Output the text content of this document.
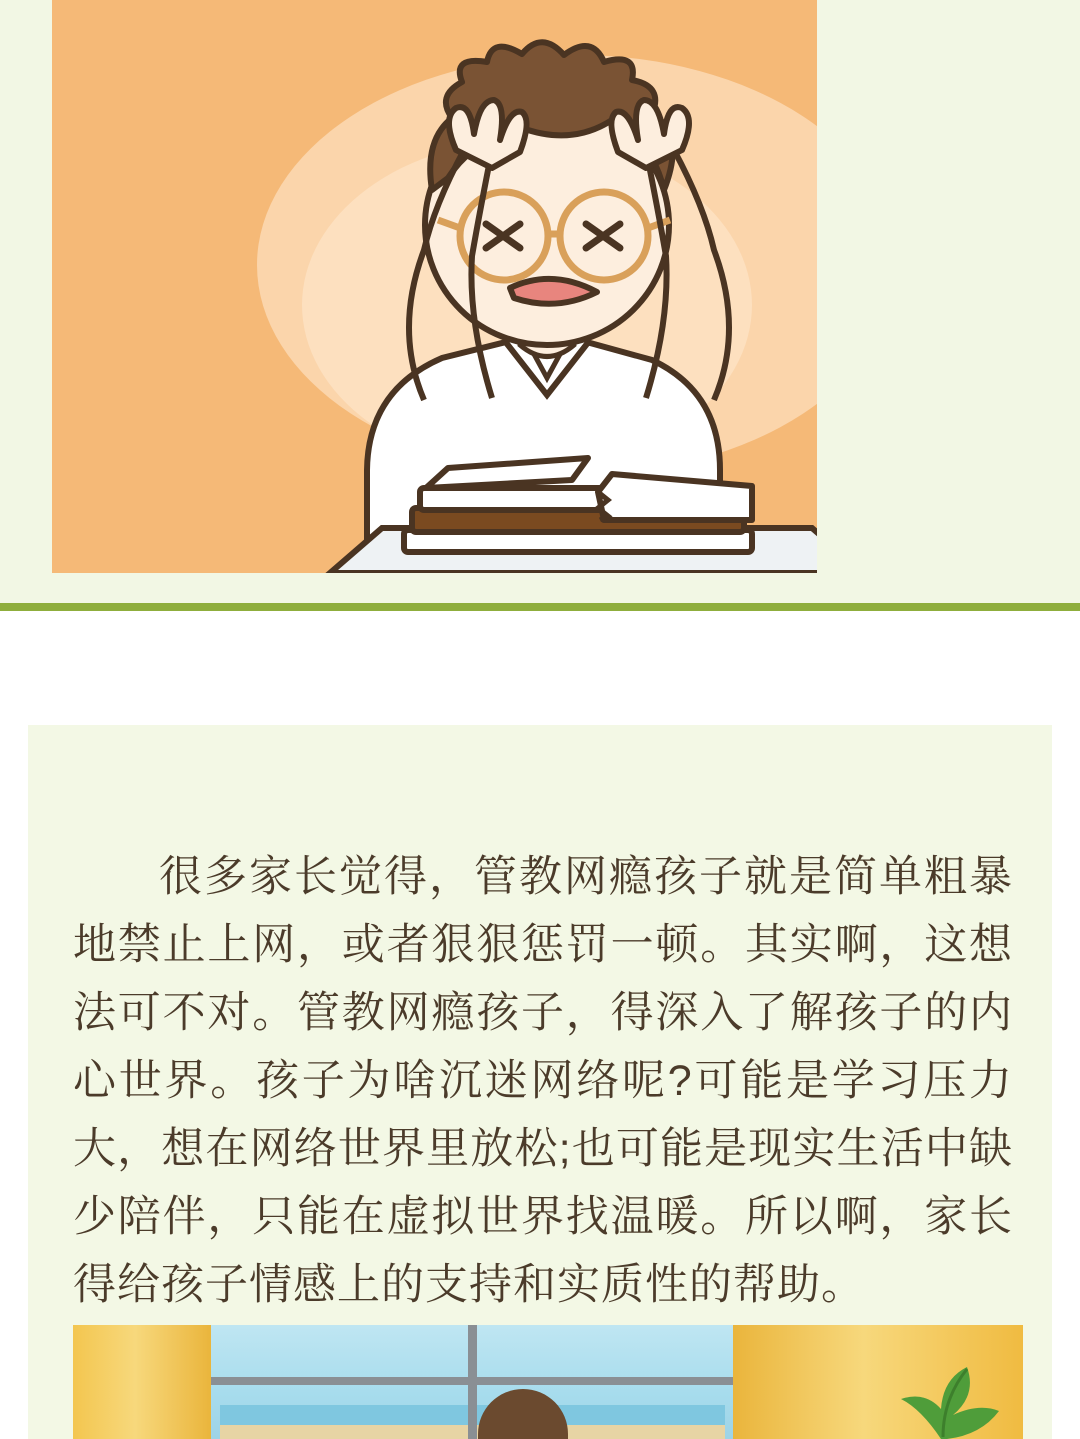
很多家长觉得，管教网瘾孩子就是简单粗暴地禁止上网，或者狠狠惩罚一顿。其实啊，这想法可不对。管教网瘾孩子，得深入了解孩子的内心世界。孩子为啥沉迷网络呢?可能是学习压力大，想在网络世界里放松;也可能是现实生活中缺少陪伴，只能在虚拟世界找温暖。所以啊，家长得给孩子情感上的支持和实质性的帮助。
